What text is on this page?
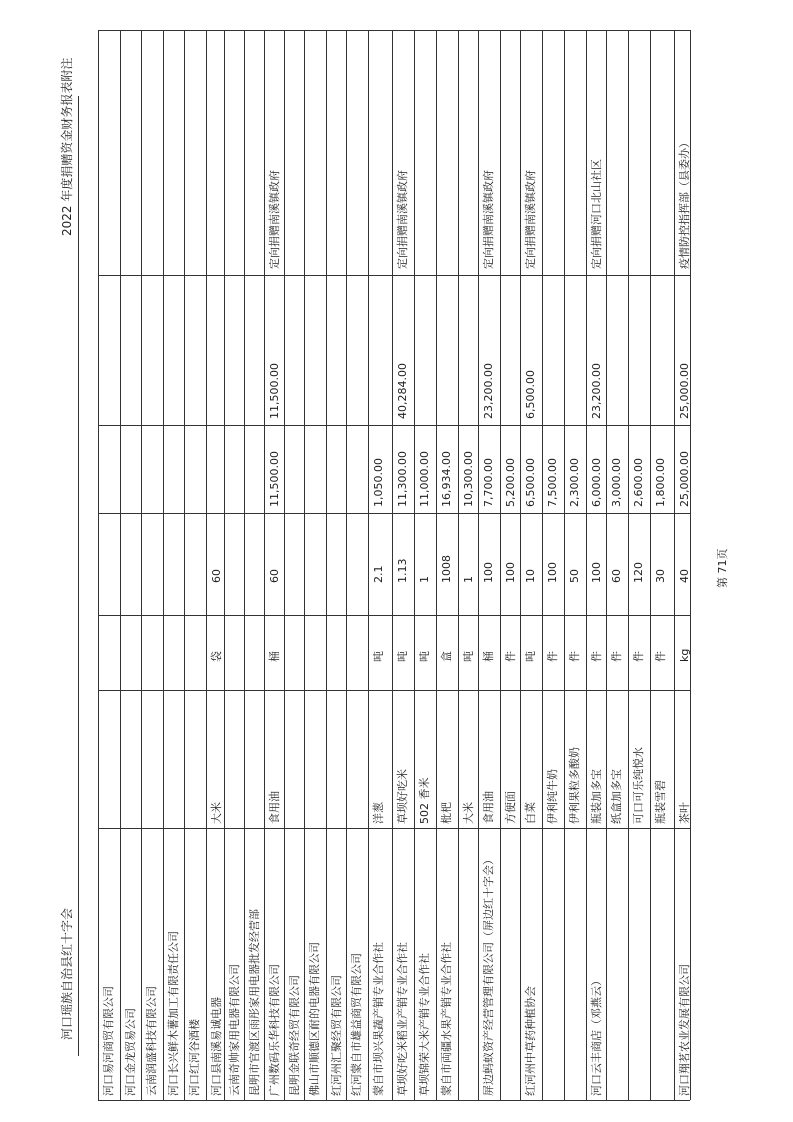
河口瑶族自治县红十字会
2022 年度捐赠资金财务报表附注
第 71页
河口易河商贸有限公司 河口金龙贸易公司 云南润盛科技有限公司 河口长兴鲜木薯加工有限责任公司 河口红河谷酒楼 河口县南溪易诚电器
大米
袋
60
云南奇帅家用电器有限公司 昆明市官渡区雨彤家用电器批发经营部 广州数码乐华科技有限公司
食用油
桶
60
11,500.00
11,500.00
定向捐赠南溪镇政府
昆明金联奇经贸有限公司 佛山市顺德区耐的电器有限公司 红河州汇聚经贸有限公司 红河蒙自市雄益商贸有限公司 蒙自市坝兴果蔬产销专业合作社
洋葱
吨
2.1
1,050.00
草坝好吃米稻业产销专业合作社
草坝好吃米
吨
1.13
11,300.00
40,284.00
定向捐赠南溪镇政府
草坝锦荣大米产销专业合作社
502 香米
吨
1
11,000.00
蒙自市両疆水果产销专业合作社
枇杷
盒
1008
16,934.00
大米
吨
1
10,300.00
屏边蚂蚁资产经营管理有限公司（屏边红十字会）
食用油
桶
100
7,700.00
23,200.00
定向捐赠南溪镇政府
方便面
件
100
5,200.00
红河州中草药种植协会
白菜
吨
10
6,500.00
6,500.00
定向捐赠南溪镇政府
伊利纯牛奶
件
100
7,500.00
伊利果粒多酸奶
件
50
2,300.00
河口云丰商店（邓燕云）
瓶装加多宝
件
100
6,000.00
23,200.00
定向捐赠河口北山社区
纸盒加多宝
件
60
3,000.00
可口可乐纯悦水
件
120
2,600.00
瓶装雪碧
件
30
1,800.00
河口翔茗农业发展有限公司
茶叶
kg
40
25,000.00
25,000.00
疫情防控指挥部（县委办）
